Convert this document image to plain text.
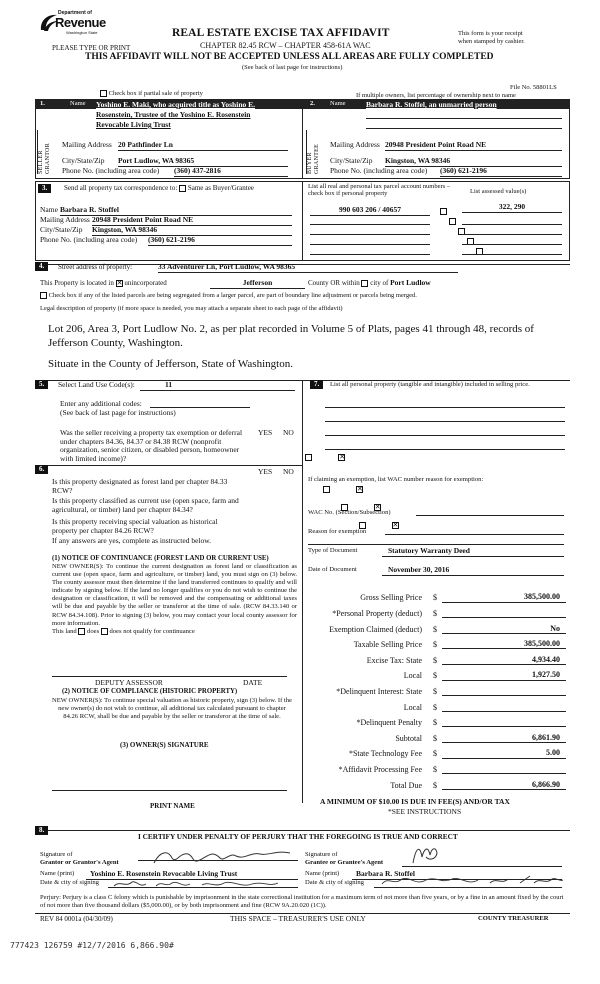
Department of
Revenue
Washington State
PLEASE TYPE OR PRINT
REAL ESTATE EXCISE TAX AFFIDAVIT
CHAPTER 82.45 RCW – CHAPTER 458-61A WAC
THIS AFFIDAVIT WILL NOT BE ACCEPTED UNLESS ALL AREAS ARE FULLY COMPLETED
(See back of last page for instructions)
This form is your receipt
when stamped by cashier.
File No. 58801LS
Check box if partial sale of property	If multiple owners, list percentage of ownership next to name
1.	Name Yoshino E. Maki, who acquired title as Yoshino E.
Rosenstein, Trustee of the Yoshino E. Rosenstein
Revocable Living Trust
SELLER GRANTOR Mailing Address 20 Pathfinder Ln
City/State/Zip Port Ludlow, WA 98365
Phone No. (including area code) (360) 437-2816
2. Name	Barbara R. Stoffel, an unmarried person
BUYER GRANTEE Mailing Address 20948 President Point Road NE
City/State/Zip Kingston, WA 98346
Phone No. (including area code) (360) 621-2196
3.	Send all property tax correspondence to: Same as Buyer/Grantee
Name Barbara R. Stoffel
Mailing Address 20948 President Point Road NE
City/State/Zip Kingston, WA 98346
Phone No. (including area code) (360) 621-2196
List all real and personal tax parcel account numbers – check box if personal property	List assessed value(s)
990 603 206 / 40657
	322, 290

4.	Street address of property:	33 Adventurer Ln, Port Ludlow, WA 98365
This Property is located in ✕ unincorporated	Jefferson	County OR within city of Port Ludlow
Check box if any of the listed parcels are being segregated from a larger parcel, are part of boundary line adjustment or parcels being merged.
Legal description of property (if more space is needed, you may attach a separate sheet to each page of the affidavit)
Lot 206, Area 3, Port Ludlow No. 2, as per plat recorded in Volume 5 of Plats, pages 41 through 48, records of Jefferson County, Washington.
Situate in the County of Jefferson, State of Washington.
5.	Select Land Use Code(s):	11
Enter any additional codes:
(See back of last page for instructions)
YES NO
Was the seller receiving a property tax exemption or deferral under chapters 84.36, 84.37 or 84.38 RCW (nonprofit organization, senior citizen, or disabled person, homeowner with limited income)?
✕
6.	YES NO
Is this property designated as forest land per chapter 84.33 RCW?
✕
Is this property classified as current use (open space, farm and agricultural, or timber) land per chapter 84.34?
✕
Is this property receiving special valuation as historical property per chapter 84.26 RCW?
✕
If any answers are yes, complete as instructed below.
(1) NOTICE OF CONTINUANCE (FOREST LAND OR CURRENT USE)
NEW OWNER(S): To continue the current designation as forest land or classification as current use (open space, farm and agriculture, or timber) land, you must sign on (3) below. The county assessor must then determine if the land transferred continues to qualify and will indicate by signing below. If the land no longer qualifies or you do not wish to continue the designation or classification, it will be removed and the compensating or additional taxes will be due and payable by the seller or transferor at the time of sale. (RCW 84.33.140 or RCW 84.34.108). Prior to signing (3) below, you may contact your local county assessor for more information.
This land does does not qualify for continuance
DEPUTY ASSESSOR	DATE
(2) NOTICE OF COMPLIANCE (HISTORIC PROPERTY)
NEW OWNER(S): To continue special valuation as historic property, sign (3) below. If the new owner(s) do not wish to continue, all additional tax calculated pursuant to chapter 84.26 RCW, shall be due and payable by the seller or transferor at the time of sale.
(3) OWNER(S) SIGNATURE
PRINT NAME
7.	List all personal property (tangible and intangible) included in selling price.
If claiming an exemption, list WAC number reason for exemption:
WAC No. (Section/Subsection)
Reason for exemption
Type of Document	Statutory Warranty Deed
Date of Document	November 30, 2016
Gross Selling Price	$	385,500.00
*Personal Property (deduct)	$
Exemption Claimed (deduct)	$	No
Taxable Selling Price	$	385,500.00
Excise Tax: State	$	4,934.40
Local	$	1,927.50
*Delinquent Interest: State	$
Local	$
*Delinquent Penalty	$
Subtotal	$	6,861.90
*State Technology Fee	$	5.00
*Affidavit Processing Fee	$
Total Due	$	6,866.90
A MINIMUM OF $10.00 IS DUE IN FEE(S) AND/OR TAX
*SEE INSTRUCTIONS
8.
I CERTIFY UNDER PENALTY OF PERJURY THAT THE FOREGOING IS TRUE AND CORRECT
Signature of
Grantor or Grantor's Agent
Name (print)	Yoshino E. Rosenstein Revocable Living Trust
Date & city of signing
Signature of
Grantee or Grantee's Agent
Name (print)	Barbara R. Stoffel
Date & city of signing
Perjury: Perjury is a class C felony which is punishable by imprisonment in the state correctional institution for a maximum term of not more than five years, or by a fine in an amount fixed by the court of not more than five thousand dollars ($5,000.00), or by both imprisonment and fine (RCW 9A.20.020 (1C)).
REV 84 0001a (04/30/09)	THIS SPACE – TREASURER'S USE ONLY	COUNTY TREASURER
777423 126759 #12/7/2016 6,866.90#
